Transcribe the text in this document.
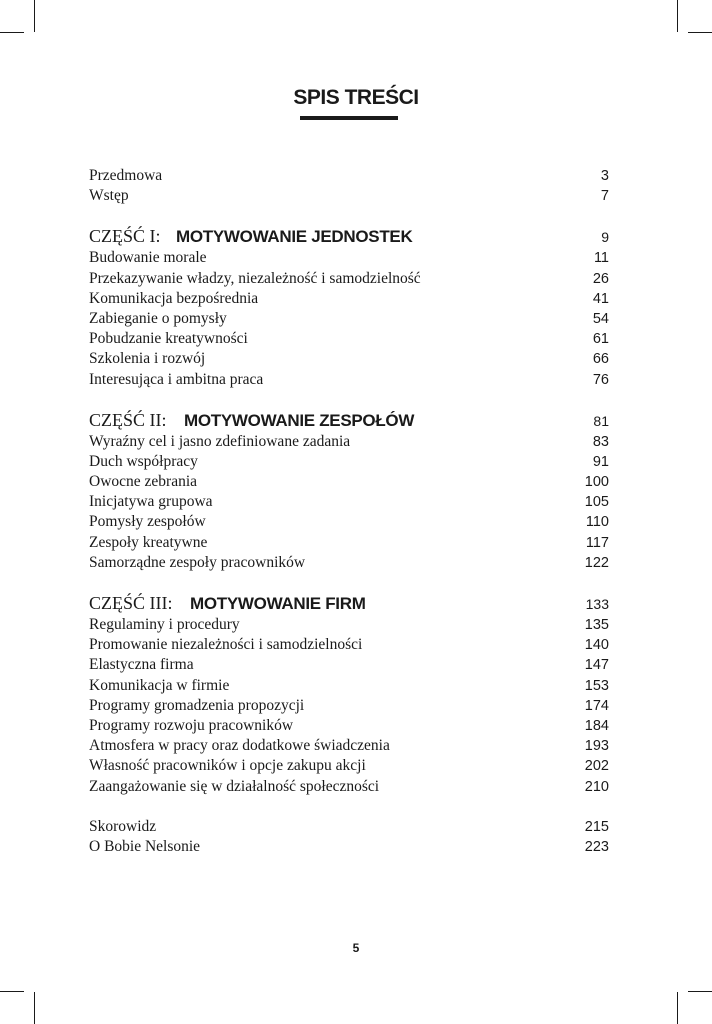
SPIS TREŚCI
Przedmowa	3
Wstęp	7
CZĘŚĆ I: MOTYWOWANIE JEDNOSTEK	9
Budowanie morale	11
Przekazywanie władzy, niezależność i samodzielność	26
Komunikacja bezpośrednia	41
Zabieganie o pomysły	54
Pobudzanie kreatywności	61
Szkolenia i rozwój	66
Interesująca i ambitna praca	76
CZĘŚĆ II:	MOTYWOWANIE ZESPOŁÓW	81
Wyraźny cel i jasno zdefiniowane zadania	83
Duch współpracy	91
Owocne zebrania	100
Inicjatywa grupowa	105
Pomysły zespołów	110
Zespoły kreatywne	117
Samorządne zespoły pracowników	122
CZĘŚĆ III:	MOTYWOWANIE FIRM	133
Regulaminy i procedury	135
Promowanie niezależności i samodzielności	140
Elastyczna firma	147
Komunikacja w firmie	153
Programy gromadzenia propozycji	174
Programy rozwoju pracowników	184
Atmosfera w pracy oraz dodatkowe świadczenia	193
Własność pracowników i opcje zakupu akcji	202
Zaangażowanie się w działalność społeczności	210
Skorowidz	215
O Bobie Nelsonie	223
5
